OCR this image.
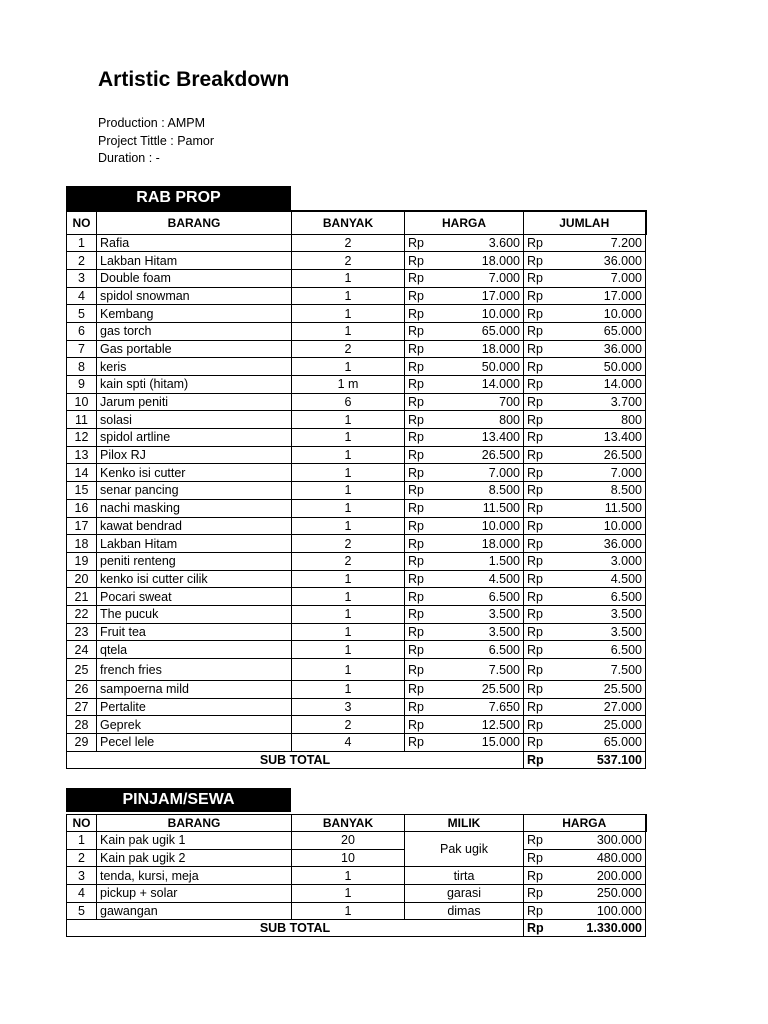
Artistic Breakdown
Production : AMPM
Project Tittle : Pamor
Duration : -
RAB PROP
NO	BARANG	BANYAK	HARGA		JUMLAH	
1	Rafia	2	Rp	3.600	Rp	7.200
2	Lakban Hitam	2	Rp	18.000	Rp	36.000
3	Double foam	1	Rp	7.000	Rp	7.000
4	spidol snowman	1	Rp	17.000	Rp	17.000
5	Kembang	1	Rp	10.000	Rp	10.000
6	gas torch	1	Rp	65.000	Rp	65.000
7	Gas portable	2	Rp	18.000	Rp	36.000
8	keris	1	Rp	50.000	Rp	50.000
9	kain spti (hitam)	1 m	Rp	14.000	Rp	14.000
10	Jarum peniti	6	Rp	700	Rp	3.700
11	solasi	1	Rp	800	Rp	800
12	spidol artline	1	Rp	13.400	Rp	13.400
13	Pilox RJ	1	Rp	26.500	Rp	26.500
14	Kenko isi cutter	1	Rp	7.000	Rp	7.000
15	senar pancing	1	Rp	8.500	Rp	8.500
16	nachi masking	1	Rp	11.500	Rp	11.500
17	kawat bendrad	1	Rp	10.000	Rp	10.000
18	Lakban Hitam	2	Rp	18.000	Rp	36.000
19	peniti renteng	2	Rp	1.500	Rp	3.000
20	kenko isi cutter cilik	1	Rp	4.500	Rp	4.500
21	Pocari sweat	1	Rp	6.500	Rp	6.500
22	The pucuk	1	Rp	3.500	Rp	3.500
23	Fruit tea	1	Rp	3.500	Rp	3.500
24	qtela	1	Rp	6.500	Rp	6.500
25	french fries	1	Rp	7.500	Rp	7.500
26	sampoerna mild	1	Rp	25.500	Rp	25.500
27	Pertalite	3	Rp	7.650	Rp	27.000
28	Geprek	2	Rp	12.500	Rp	25.000
29	Pecel lele	4	Rp	15.000	Rp	65.000
SUB TOTAL					Rp	537.100
PINJAM/SEWA
NO	BARANG	BANYAK	MILIK	HARGA	
1	Kain pak ugik 1	20	Pak ugik	Rp	300.000
2	Kain pak ugik 2	10		Rp	480.000
3	tenda, kursi, meja	1	tirta	Rp	200.000
4	pickup + solar	1	garasi	Rp	250.000
5	gawangan	1	dimas	Rp	100.000
SUB TOTAL				Rp	1.330.000
